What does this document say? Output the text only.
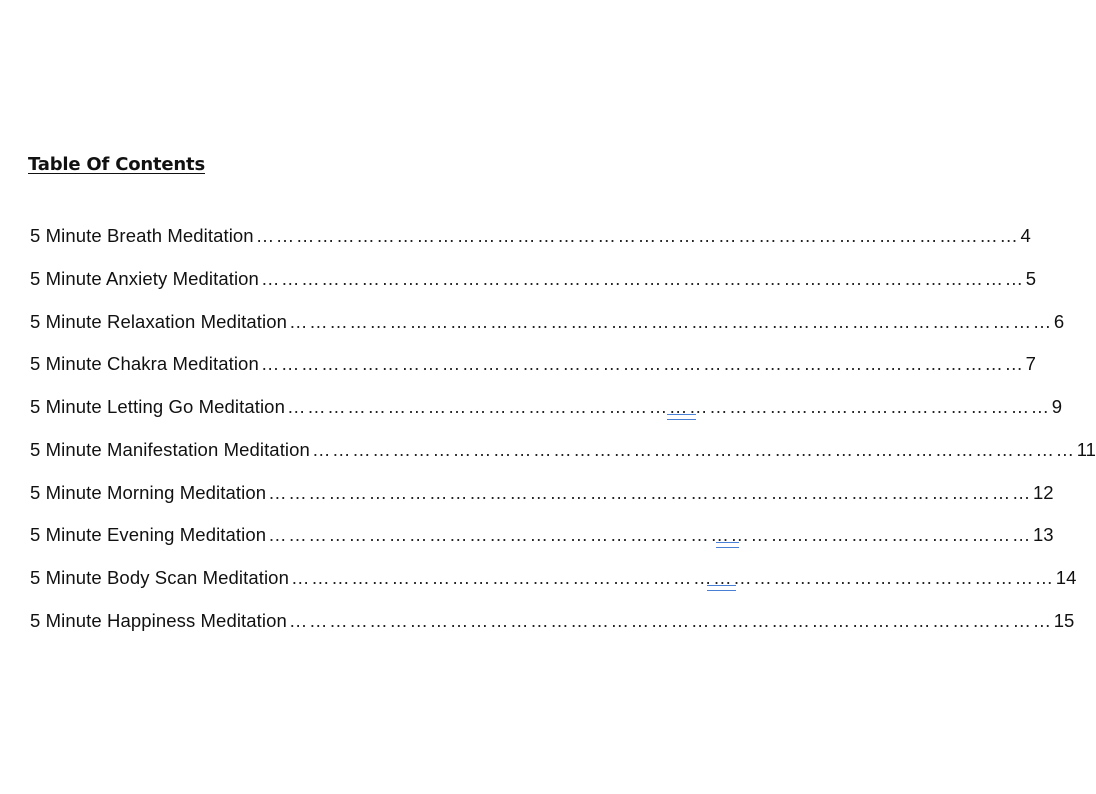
Table Of Contents
5 Minute Breath Meditation …………………………………………………………………………………………………… 4
5 Minute Anxiety Meditation …………………………………………………………………………………………………… 5
5 Minute Relaxation Meditation …………………………………………………………………………………………………… 6
5 Minute Chakra Meditation …………………………………………………………………………………………………… 7
5 Minute Letting Go Meditation …………………………………………………………………………………………………… 9
5 Minute Manifestation Meditation …………………………………………………………………………………………………… 11
5 Minute Morning Meditation …………………………………………………………………………………………………… 12
5 Minute Evening Meditation …………………………………………………………………………………………………… 13
5 Minute Body Scan Meditation …………………………………………………………………………………………………… 14
5 Minute Happiness Meditation …………………………………………………………………………………………………… 15
